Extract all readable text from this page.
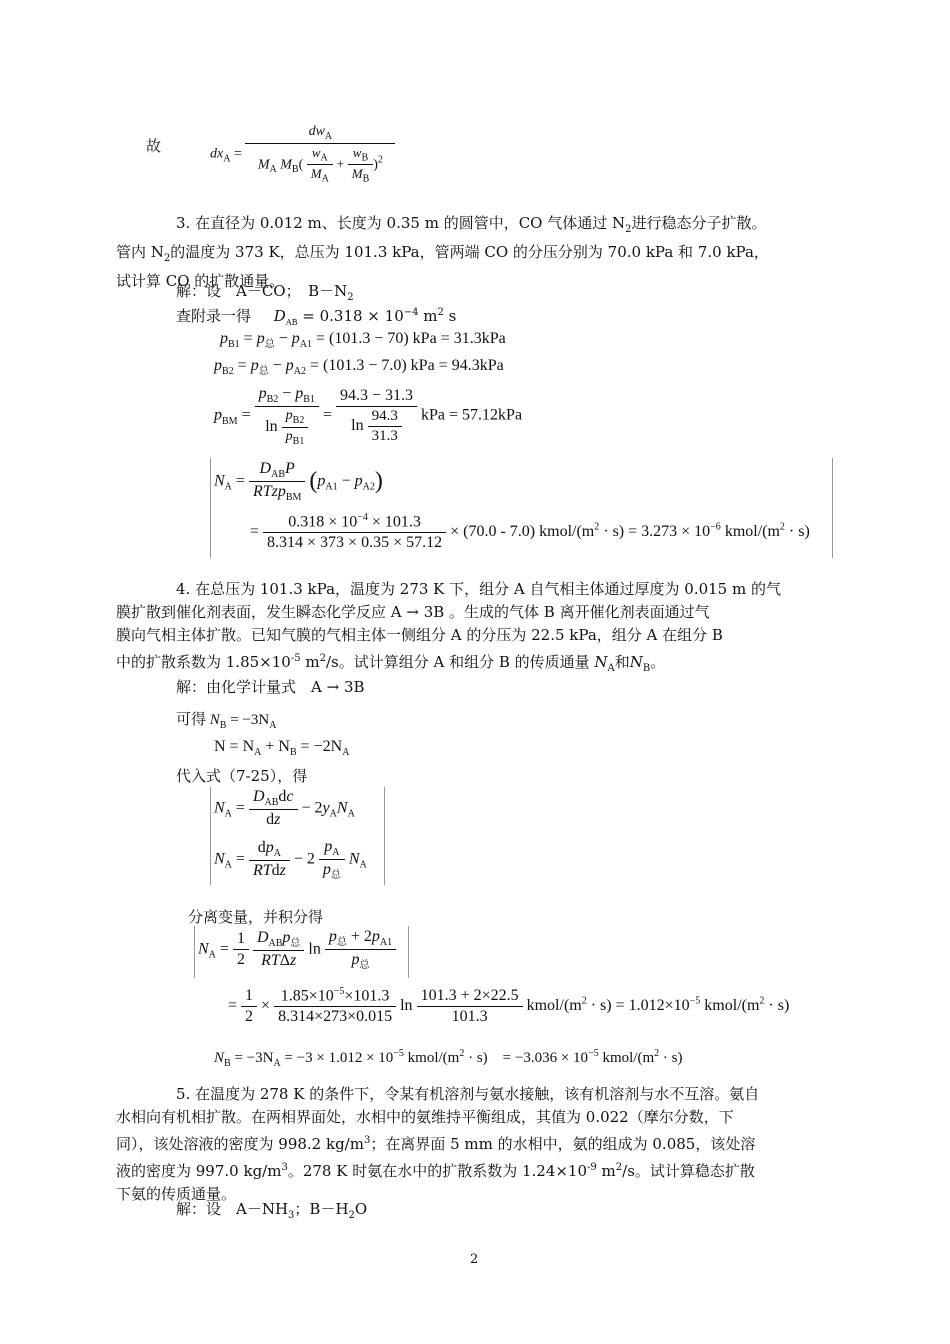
故	$dx_A$ =
$dw_A$
$M_A$ $M_B( \frac{w_A}{M_A} + \frac{w_B}{M_B} )^2$
3. 在直径为 0.012 m、长度为 0.35 m 的圆管中，CO 气体通过 $N_2$进行稳态分子扩散。
管内 $N_2$的温度为 373 K，总压为 101.3 kPa，管两端 CO 的分压分别为 70.0 kPa 和 7.0 kPa，
试计算 CO 的扩散通量。
解：设　A－CO；　$B-N_2$
查附录一得 $D_{AB} = 0.318 \times 10^{-4}$ $m^2$ s
$p_{B1} = p_总 - p_{A1} = (101.3 - 70)$ kPa = 31.3kPa
$p_{B2} = p_总 - p_{A2} = (101.3 - 7.0)$ kPa = 94.3kPa
$p_{BM} = \frac{p_{B2} - p_{B1}}{\ln \frac{p_{B2}}{p_{B1}}} = \frac{94.3 - 31.3}{\ln \frac{94.3}{31.3}}$ kPa = 57.12kPa
$N_A = \frac{D_{AB}P}{RTzp_{BM}} (p_{A1} - p_{A2})$
= $\frac{0.318 \times 10^{-4} \times 101.3}{8.314 \times 373 \times 0.35 \times 57.12} \times (70.0 - 7.0)$ kmol/$(m^2 \cdot s) = 3.273 \times 10^{-6}$ kmol/$(m^2 \cdot s)$
4. 在总压为 101.3 kPa，温度为 273 K 下，组分 A 自气相主体通过厚度为 0.015 m 的气
膜扩散到催化剂表面，发生瞬态化学反应 A → 3B 。生成的气体 B 离开催化剂表面通过气
膜向气相主体扩散。已知气膜的气相主体一侧组分 A 的分压为 22.5 kPa，组分 A 在组分 B
中的扩散系数为 $1.85\times 10^{-5}$ $m^2/s$。试计算组分 A 和组分 B 的传质通量 $N_A$和$N_B$。
解：由化学计量式　A → 3B
可得 $N_B = -3N_A$
$N = N_A + N_B = -2N_A$
代入式（7-25），得
$N_A = \frac{D_{AB}dc}{dz} - 2y_AN_A$
$N_A = \frac{dp_A}{\text{RTdz}} - 2 \frac{p_A}{p_总} N_A$
分离变量，并积分得
$N_A = \frac{1}{2}$
$\frac{D_{AB}p_总}{\text{RTΔz}}$ $\ln \frac{p_总 + 2p_{A1}}{p_总}$
= $\frac{1}{2} \times \frac{1.85\times 10^{-5}\times 101.3}{8.314\times 273\times 0.015}$ $\ln \frac{101.3 + 2\times 22.5}{101.3}$ kmol/$(m^2 \cdot s) = 1.012\times 10^{-5}$ kmol/$(m^2 \cdot s)$
$N_B = -3N_A = -3 \times 1.012 \times 10^{-5}$ kmol/$(m^2 \cdot s)$　= $-3.036 \times 10^{-5}$ kmol/$(m^2 \cdot s)$
5. 在温度为 278 K 的条件下，令某有机溶剂与氨水接触，该有机溶剂与水不互溶。氨自
水相向有机相扩散。在两相界面处，水相中的氨维持平衡组成，其值为 0.022（摩尔分数，下
同），该处溶液的密度为 998.2 $kg/m^3$；在离界面 5 mm 的水相中，氨的组成为 0.085，该处溶
液的密度为 997.0 $kg/m^3$。278 K 时氨在水中的扩散系数为 $1.24\times 10^{-9}$ $m^2/s$。试计算稳态扩散
下氨的传质通量。
解：设　$A-NH_3$；$B-H_2O$
2
